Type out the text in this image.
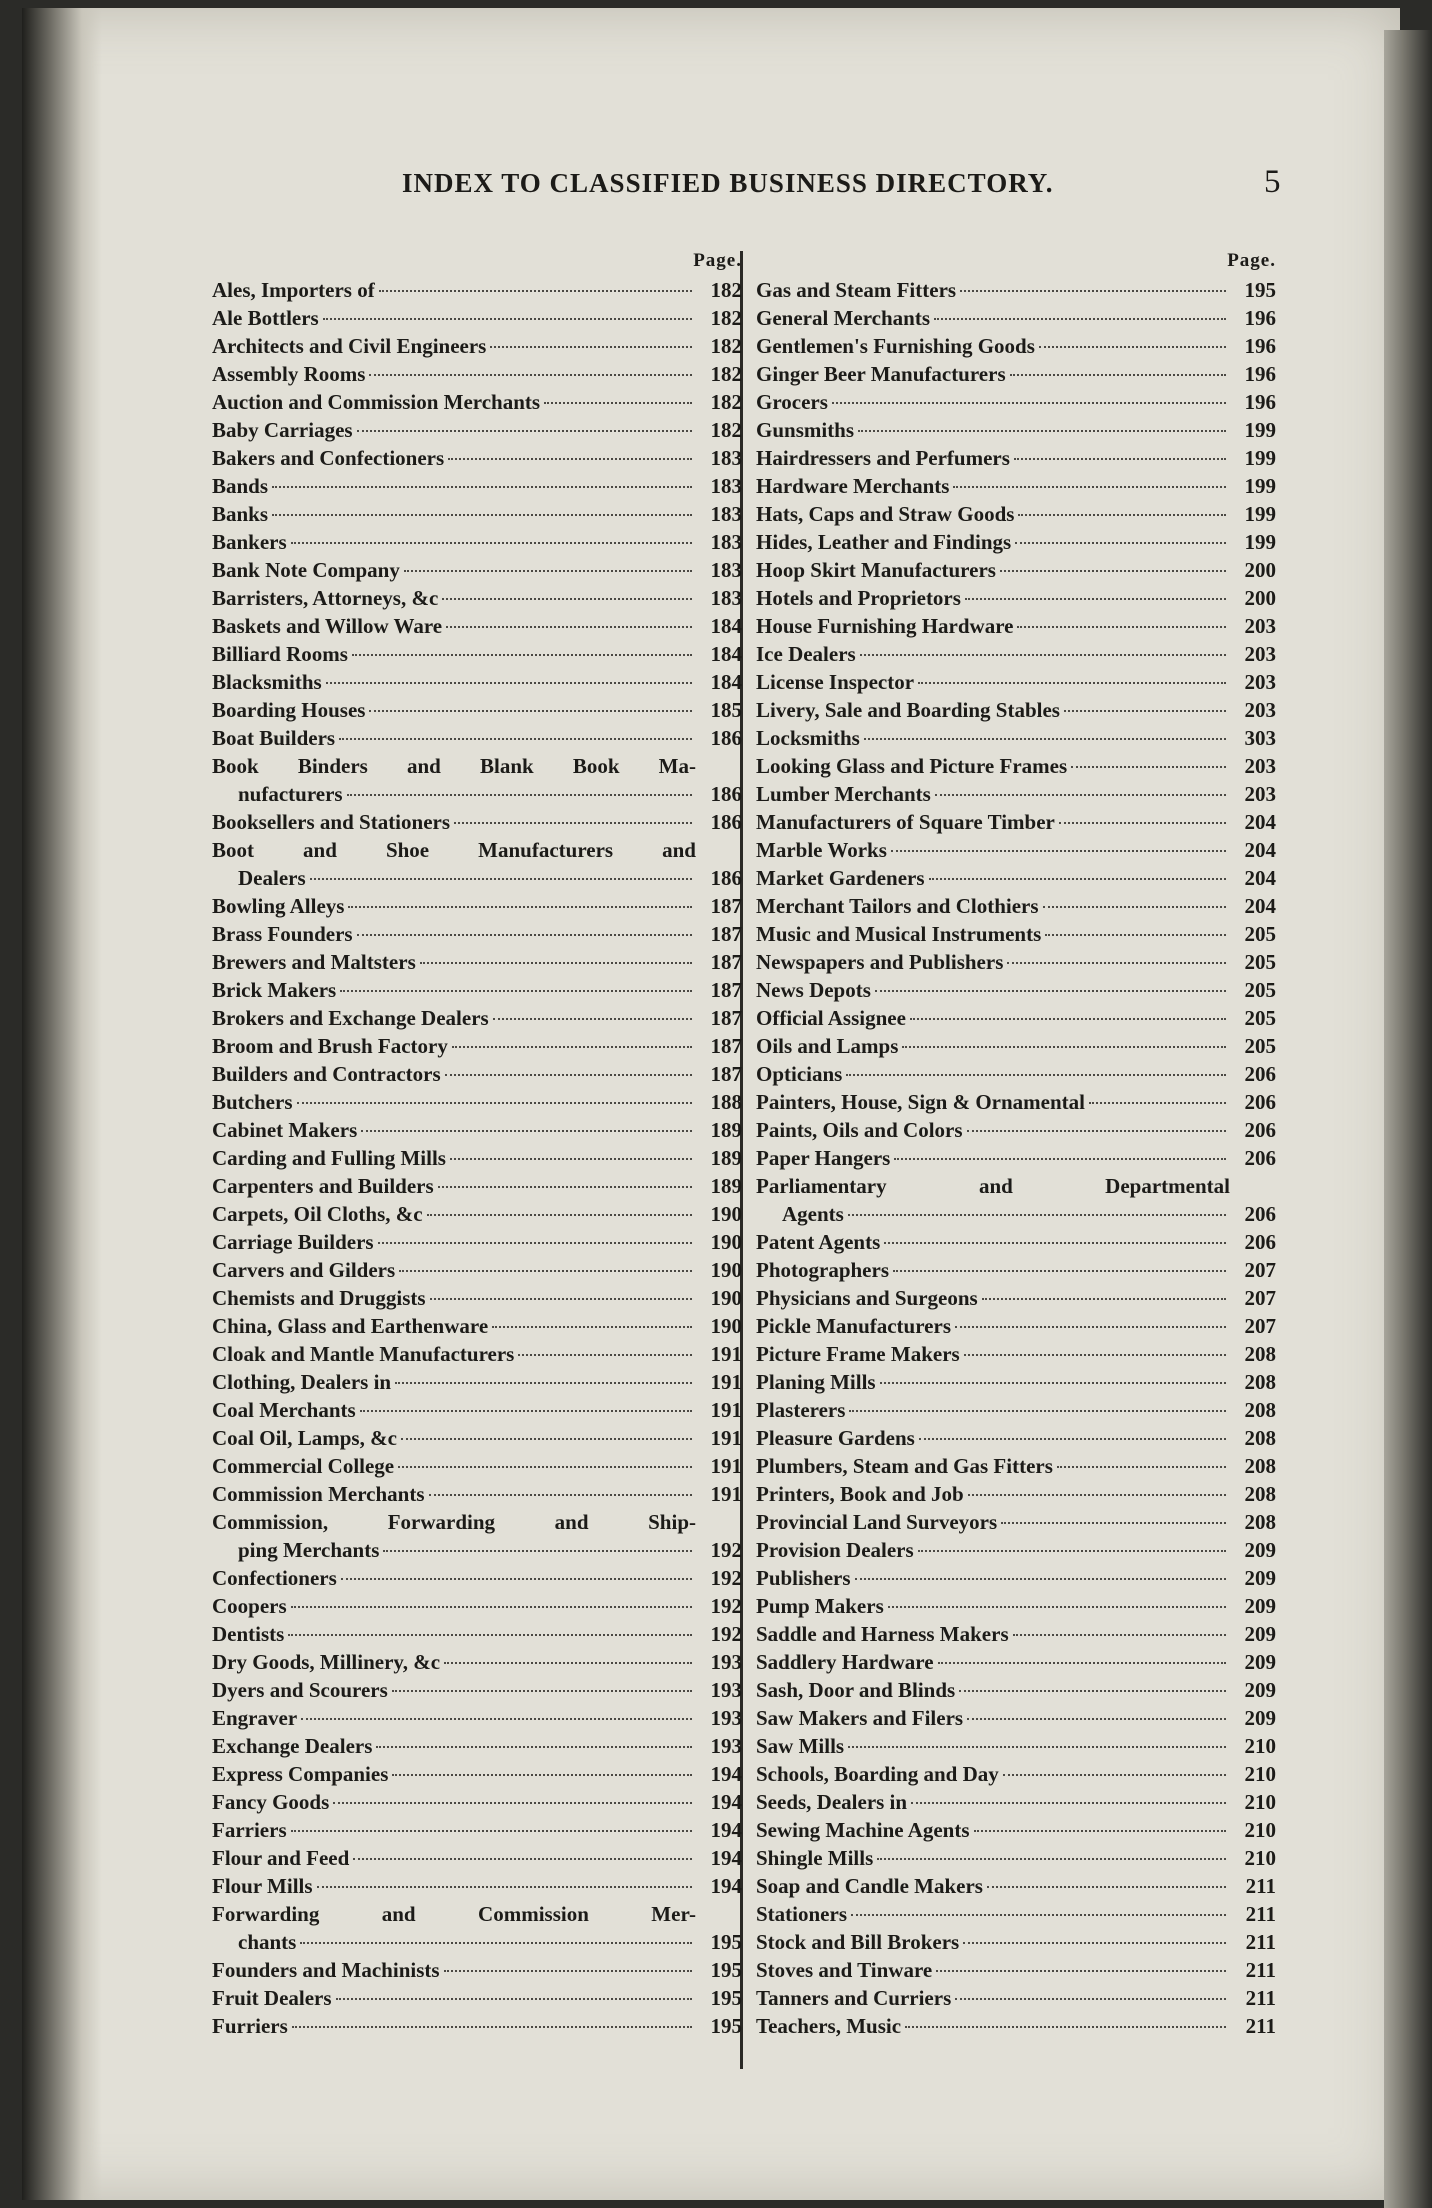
INDEX TO CLASSIFIED BUSINESS DIRECTORY.	5
Page.
Ales, Importers of	182
Ale Bottlers	182
Architects and Civil Engineers	182
Assembly Rooms	182
Auction and Commission Merchants	182
Baby Carriages	182
Bakers and Confectioners	183
Bands	183
Banks	183
Bankers	183
Bank Note Company	183
Barristers, Attorneys, &c	183
Baskets and Willow Ware	184
Billiard Rooms	184
Blacksmiths	184
Boarding Houses	185
Boat Builders	186
Book Binders and Blank Book Ma-
nufacturers	186
Booksellers and Stationers	186
Boot and Shoe Manufacturers and
Dealers	186
Bowling Alleys	187
Brass Founders	187
Brewers and Maltsters	187
Brick Makers	187
Brokers and Exchange Dealers	187
Broom and Brush Factory	187
Builders and Contractors	187
Butchers	188
Cabinet Makers	189
Carding and Fulling Mills	189
Carpenters and Builders	189
Carpets, Oil Cloths, &c	190
Carriage Builders	190
Carvers and Gilders	190
Chemists and Druggists	190
China, Glass and Earthenware	190
Cloak and Mantle Manufacturers	191
Clothing, Dealers in	191
Coal Merchants	191
Coal Oil, Lamps, &c	191
Commercial College	191
Commission Merchants	191
Commission, Forwarding and Ship-
ping Merchants	192
Confectioners	192
Coopers	192
Dentists	192
Dry Goods, Millinery, &c	193
Dyers and Scourers	193
Engraver	193
Exchange Dealers	193
Express Companies	194
Fancy Goods	194
Farriers	194
Flour and Feed	194
Flour Mills	194
Forwarding and Commission Mer-
chants	195
Founders and Machinists	195
Fruit Dealers	195
Furriers	195
Page.
Gas and Steam Fitters	195
General Merchants	196
Gentlemen's Furnishing Goods	196
Ginger Beer Manufacturers	196
Grocers	196
Gunsmiths	199
Hairdressers and Perfumers	199
Hardware Merchants	199
Hats, Caps and Straw Goods	199
Hides, Leather and Findings	199
Hoop Skirt Manufacturers	200
Hotels and Proprietors	200
House Furnishing Hardware	203
Ice Dealers	203
License Inspector	203
Livery, Sale and Boarding Stables	203
Locksmiths	303
Looking Glass and Picture Frames	203
Lumber Merchants	203
Manufacturers of Square Timber	204
Marble Works	204
Market Gardeners	204
Merchant Tailors and Clothiers	204
Music and Musical Instruments	205
Newspapers and Publishers	205
News Depots	205
Official Assignee	205
Oils and Lamps	205
Opticians	206
Painters, House, Sign & Ornamental	206
Paints, Oils and Colors	206
Paper Hangers	206
Parliamentary and Departmental
Agents	206
Patent Agents	206
Photographers	207
Physicians and Surgeons	207
Pickle Manufacturers	207
Picture Frame Makers	208
Planing Mills	208
Plasterers	208
Pleasure Gardens	208
Plumbers, Steam and Gas Fitters	208
Printers, Book and Job	208
Provincial Land Surveyors	208
Provision Dealers	209
Publishers	209
Pump Makers	209
Saddle and Harness Makers	209
Saddlery Hardware	209
Sash, Door and Blinds	209
Saw Makers and Filers	209
Saw Mills	210
Schools, Boarding and Day	210
Seeds, Dealers in	210
Sewing Machine Agents	210
Shingle Mills	210
Soap and Candle Makers	211
Stationers	211
Stock and Bill Brokers	211
Stoves and Tinware	211
Tanners and Curriers	211
Teachers, Music	211
